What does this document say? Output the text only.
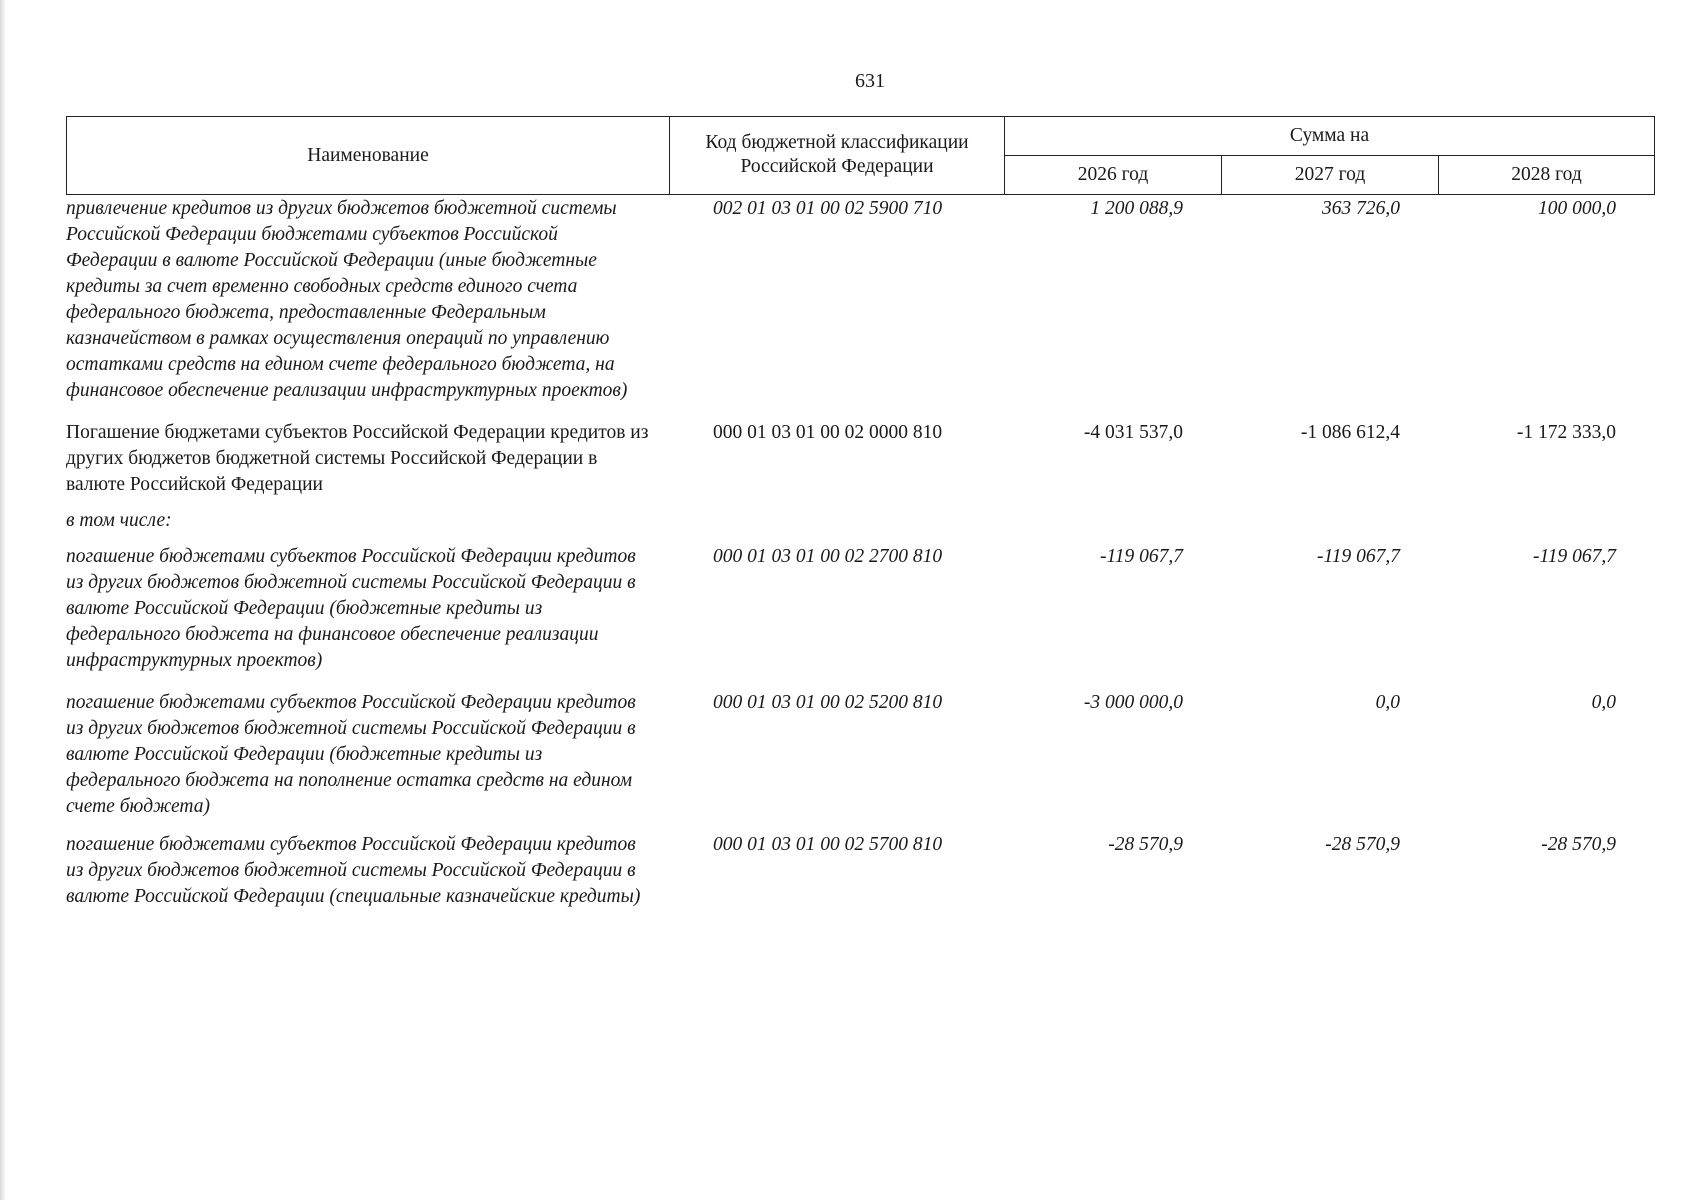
631
Наименование	Код бюджетной классификации Российской Федерации	Сумма на		
		2026 год	2027 год	2028 год
привлечение кредитов из других бюджетов бюджетной системы Российской Федерации бюджетами субъектов Российской Федерации в валюте Российской Федерации (иные бюджетные кредиты за счет временно свободных средств единого счета федерального бюджета, предоставленные Федеральным казначейством в рамках осуществления операций по управлению остатками средств на едином счете федерального бюджета, на финансовое обеспечение реализации инфраструктурных проектов)	002 01 03 01 00 02 5900 710	1 200 088,9	363 726,0	100 000,0
Погашение бюджетами субъектов Российской Федерации кредитов из других бюджетов бюджетной системы Российской Федерации в валюте Российской Федерации	000 01 03 01 00 02 0000 810	-4 031 537,0	-1 086 612,4	-1 172 333,0
в том числе:				
погашение бюджетами субъектов Российской Федерации кредитов из других бюджетов бюджетной системы Российской Федерации в валюте Российской Федерации (бюджетные кредиты из федерального бюджета на финансовое обеспечение реализации инфраструктурных проектов)	000 01 03 01 00 02 2700 810	-119 067,7	-119 067,7	-119 067,7
погашение бюджетами субъектов Российской Федерации кредитов из других бюджетов бюджетной системы Российской Федерации в валюте Российской Федерации (бюджетные кредиты из федерального бюджета на пополнение остатка средств на едином счете бюджета)	000 01 03 01 00 02 5200 810	-3 000 000,0	0,0	0,0
погашение бюджетами субъектов Российской Федерации кредитов из других бюджетов бюджетной системы Российской Федерации в валюте Российской Федерации (специальные казначейские кредиты)	000 01 03 01 00 02 5700 810	-28 570,9	-28 570,9	-28 570,9
